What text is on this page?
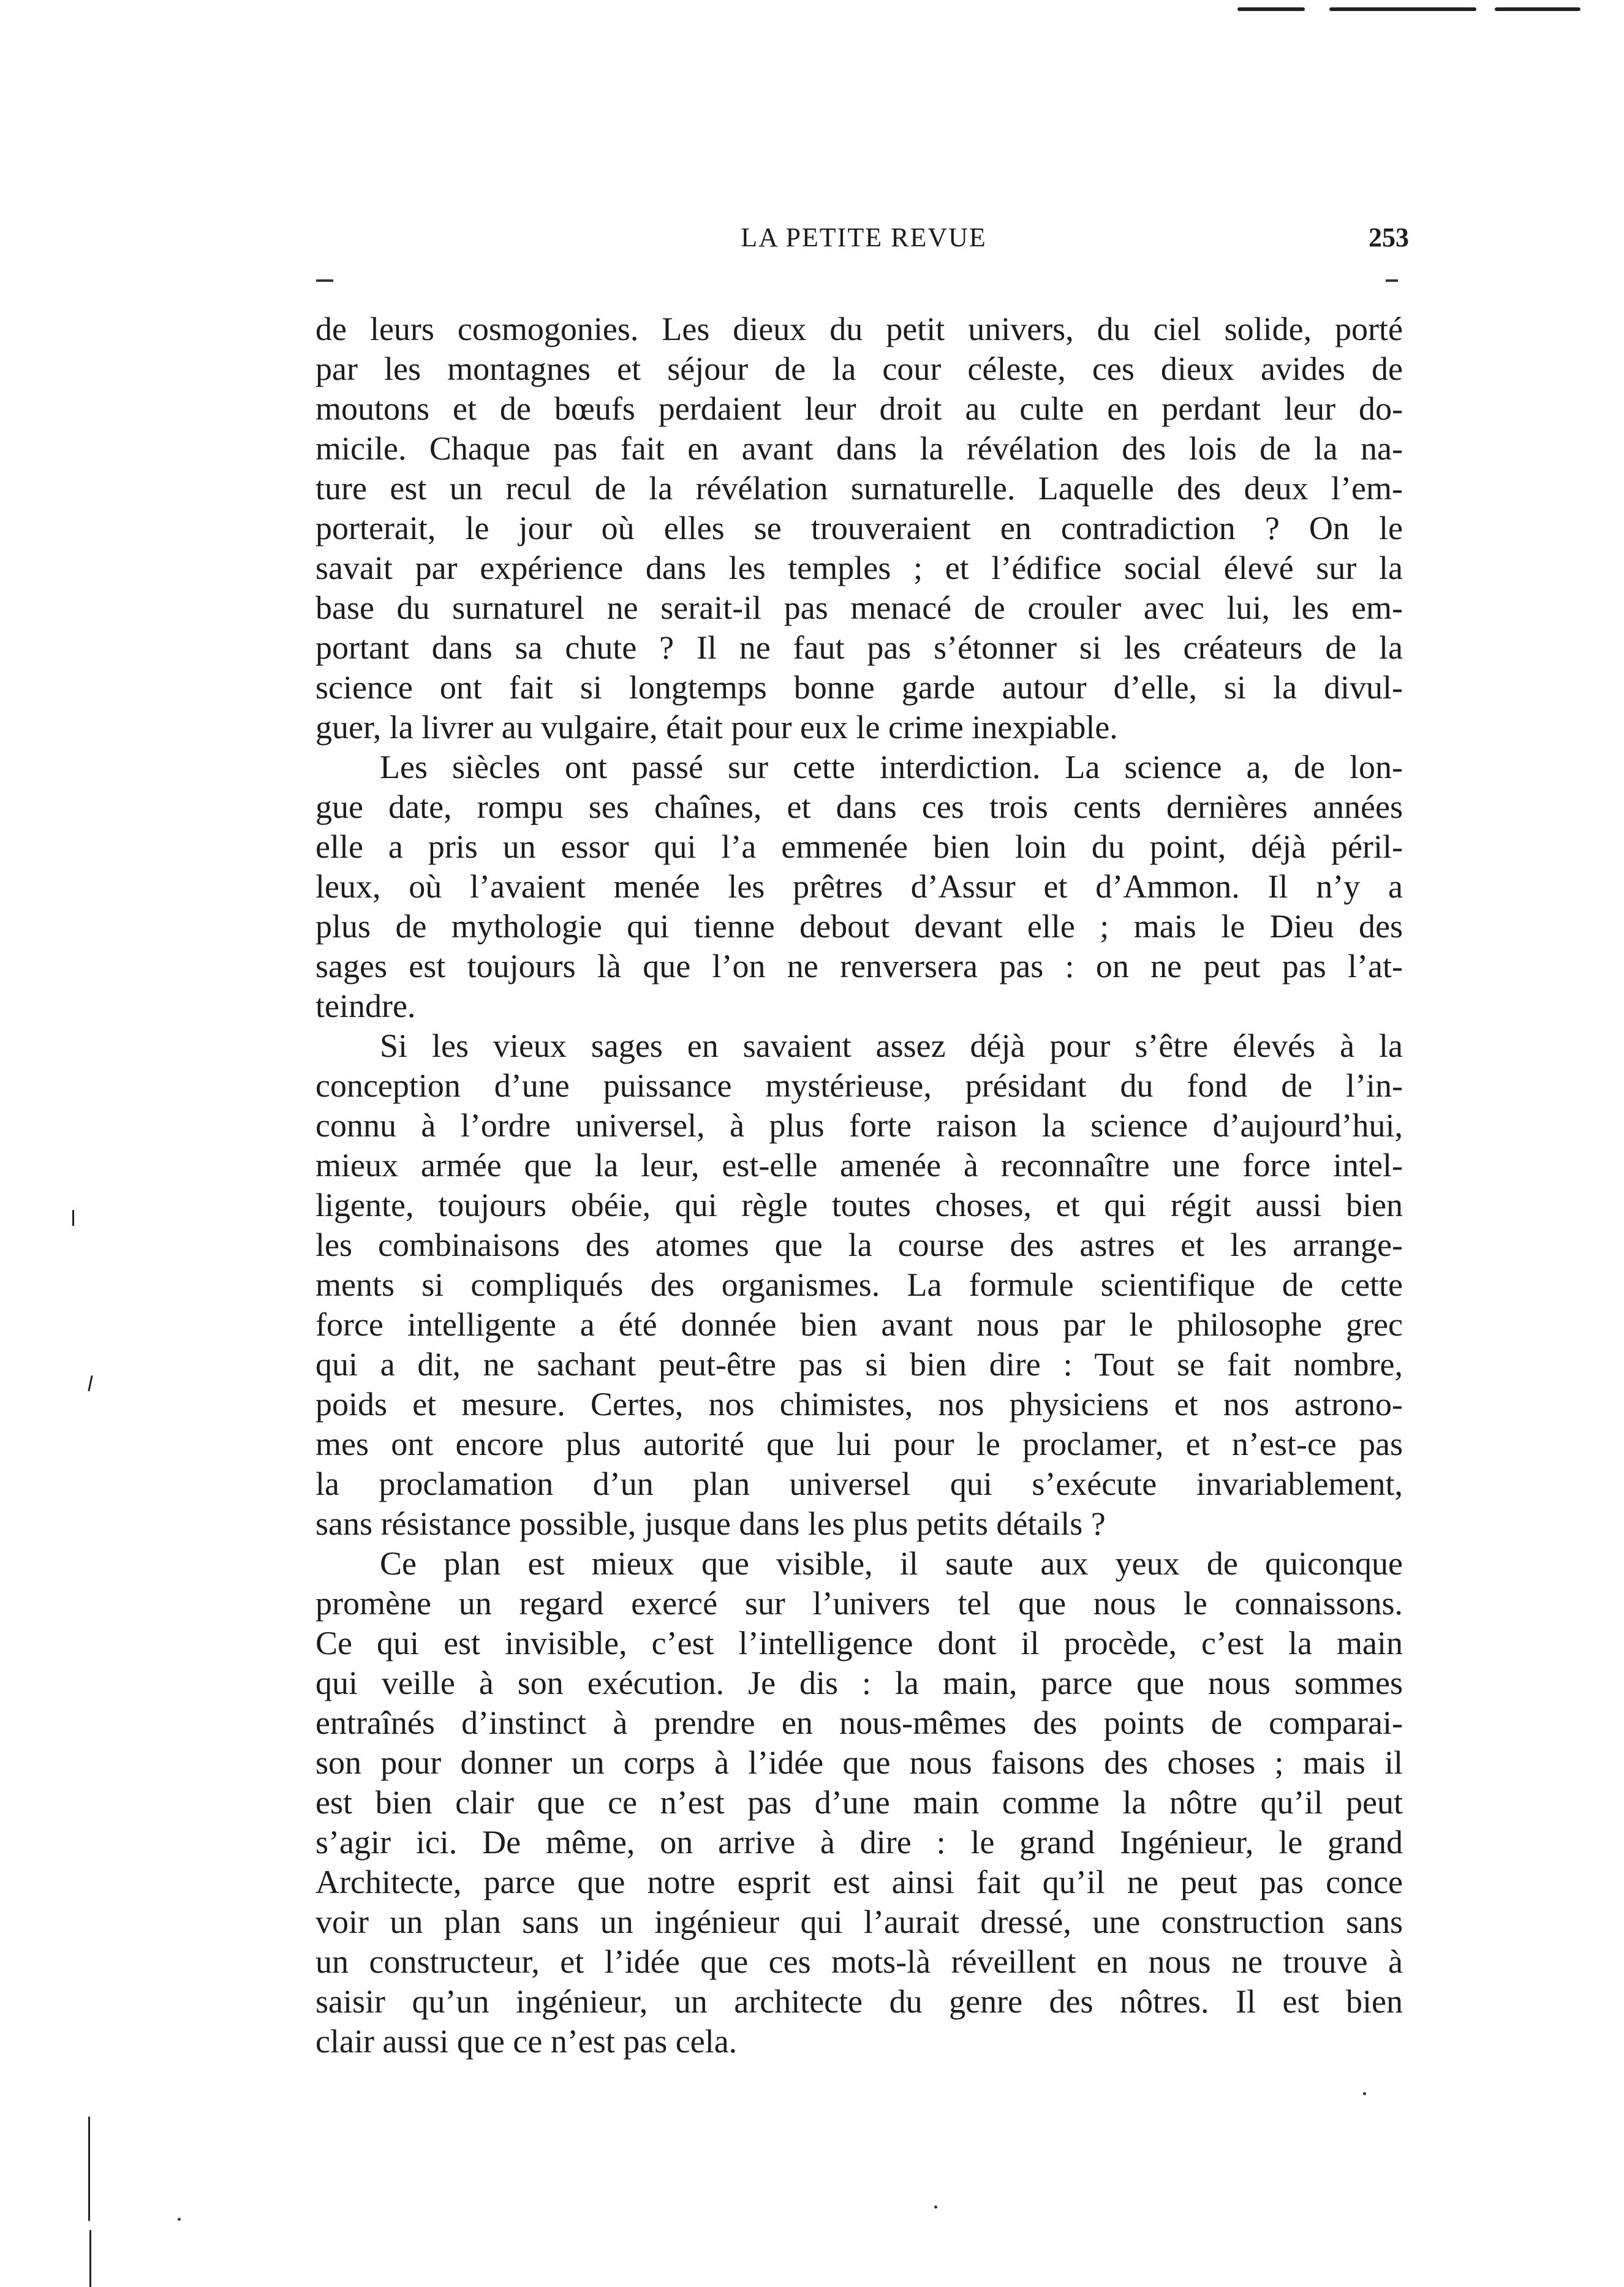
LA PETITE REVUE	253
de leurs cosmogonies. Les dieux du petit univers, du ciel solide, porté
par les montagnes et séjour de la cour céleste, ces dieux avides de
moutons et de bœufs perdaient leur droit au culte en perdant leur do-
micile. Chaque pas fait en avant dans la révélation des lois de la na-
ture est un recul de la révélation surnaturelle. Laquelle des deux l’em-
porterait, le jour où elles se trouveraient en contradiction ? On le
savait par expérience dans les temples ; et l’édifice social élevé sur la
base du surnaturel ne serait-il pas menacé de crouler avec lui, les em-
portant dans sa chute ? Il ne faut pas s’étonner si les créateurs de la
science ont fait si longtemps bonne garde autour d’elle, si la divul-
guer, la livrer au vulgaire, était pour eux le crime inexpiable.
Les siècles ont passé sur cette interdiction. La science a, de lon-
gue date, rompu ses chaînes, et dans ces trois cents dernières années
elle a pris un essor qui l’a emmenée bien loin du point, déjà péril-
leux, où l’avaient menée les prêtres d’Assur et d’Ammon. Il n’y a
plus de mythologie qui tienne debout devant elle ; mais le Dieu des
sages est toujours là que l’on ne renversera pas : on ne peut pas l’at-
teindre.
Si les vieux sages en savaient assez déjà pour s’être élevés à la
conception d’une puissance mystérieuse, présidant du fond de l’in-
connu à l’ordre universel, à plus forte raison la science d’aujourd’hui,
mieux armée que la leur, est-elle amenée à reconnaître une force intel-
ligente, toujours obéie, qui règle toutes choses, et qui régit aussi bien
les combinaisons des atomes que la course des astres et les arrange-
ments si compliqués des organismes. La formule scientifique de cette
force intelligente a été donnée bien avant nous par le philosophe grec
qui a dit, ne sachant peut-être pas si bien dire : Tout se fait nombre,
poids et mesure. Certes, nos chimistes, nos physiciens et nos astrono-
mes ont encore plus autorité que lui pour le proclamer, et n’est-ce pas
la proclamation d’un plan universel qui s’exécute invariablement,
sans résistance possible, jusque dans les plus petits détails ?
Ce plan est mieux que visible, il saute aux yeux de quiconque
promène un regard exercé sur l’univers tel que nous le connaissons.
Ce qui est invisible, c’est l’intelligence dont il procède, c’est la main
qui veille à son exécution. Je dis : la main, parce que nous sommes
entraînés d’instinct à prendre en nous-mêmes des points de comparai-
son pour donner un corps à l’idée que nous faisons des choses ; mais il
est bien clair que ce n’est pas d’une main comme la nôtre qu’il peut
s’agir ici. De même, on arrive à dire : le grand Ingénieur, le grand
Architecte, parce que notre esprit est ainsi fait qu’il ne peut pas conce
voir un plan sans un ingénieur qui l’aurait dressé, une construction sans
un constructeur, et l’idée que ces mots-là réveillent en nous ne trouve à
saisir qu’un ingénieur, un architecte du genre des nôtres. Il est bien
clair aussi que ce n’est pas cela.
